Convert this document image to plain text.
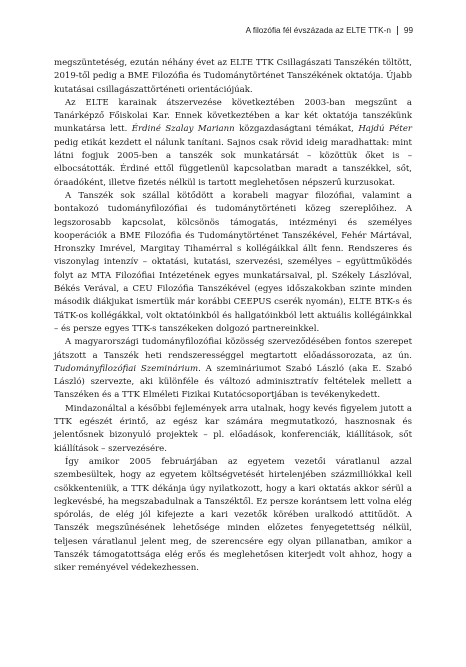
A filozófia fél évszázada az ELTE TTK-n 99

megszüntetéség, ezután néhány évet az ELTE TTK Csillagászati Tanszékén töltött, 2019-től pedig a BME Filozófia és Tudománytörténet Tanszékének oktatója. Újabb kutatásai csillagászattörténeti orientációjúak.

Az ELTE karainak átszervezése következtében 2003-ban megszűnt a Tanárképző Főiskolai Kar. Ennek következtében a kar két oktatója tanszékünk munkatársa lett. Érdiné Szalay Mariann közgazdaságtani témákat, Hajdú Péter pedig etikát kezdett el nálunk tanítani. Sajnos csak rövid ideig maradhattak: mint látni fogjuk 2005-ben a tanszék sok munkatársát – közöttük őket is – elbocsátották. Érdiné ettől függetlenül kapcsolatban maradt a tanszékkel, sőt, óraadóként, illetve fizetés nélkül is tartott meglehetősen népszerű kurzusokat.

A Tanszék sok szállal kötődött a korabeli magyar filozófiai, valamint a bontakozó tudományfilozófiai és tudománytörténeti közeg szereplőihez. A legszorosabb kapcsolat, kölcsönös támogatás, intézményi és személyes kooperációk a BME Filozófia és Tudománytörténet Tanszékével, Fehér Mártával, Hronszky Imrével, Margitay Tihamérral s kollégáikkal állt fenn. Rendszeres és viszonylag intenzív – oktatási, kutatási, szervezési, személyes – együttműködés folyt az MTA Filozófiai Intézetének egyes munkatársaival, pl. Székely Lászlóval, Békés Verával, a CEU Filozófia Tanszékével (egyes időszakokban szinte minden második diákjukat ismertük már korábbi CEEPUS cserék nyomán), ELTE BTK-s és TáTK-os kollégákkal, volt oktatóinkból és hallgatóinkból lett aktuális kollégáinkkal – és persze egyes TTK-s tanszékeken dolgozó partnereinkkel.

A magyarországi tudományfilozófiai közösség szerveződésében fontos szerepet játszott a Tanszék heti rendszerességgel megtartott előadássorozata, az ún. Tudományfilozófiai Szeminárium. A szemináriumot Szabó László (aka E. Szabó László) szervezte, aki különféle és változó adminisztratív feltételek mellett a Tanszéken és a TTK Elméleti Fizikai Kutatócsoportjában is tevékenykedett.

Mindazonáltal a későbbi fejlemények arra utalnak, hogy kevés figyelem jutott a TTK egészét érintő, az egész kar számára megmutatkozó, hasznosnak és jelentősnek bizonyuló projektek – pl. előadások, konferenciák, kiállítások, sőt kiállítások – szervezésére.

Így amikor 2005 februárjában az egyetem vezetői váratlanul azzal szembesültek, hogy az egyetem költségvetését hirtelenjében százmilliókkal kell csökkenteniük, a TTK dékánja úgy nyilatkozott, hogy a kari oktatás akkor sérül a legkevésbé, ha megszabadulnak a Tanszéktől. Ez persze korántsem lett volna elég spórolás, de elég jól kifejezte a kari vezetők körében uralkodó attitűdöt. A Tanszék megszűnésének lehetősége minden előzetes fenyegetettség nélkül, teljesen váratlanul jelent meg, de szerencsére egy olyan pillanatban, amikor a Tanszék támogatottsága elég erős és meglehetősen kiterjedt volt ahhoz, hogy a siker reményével védekezhessen.
